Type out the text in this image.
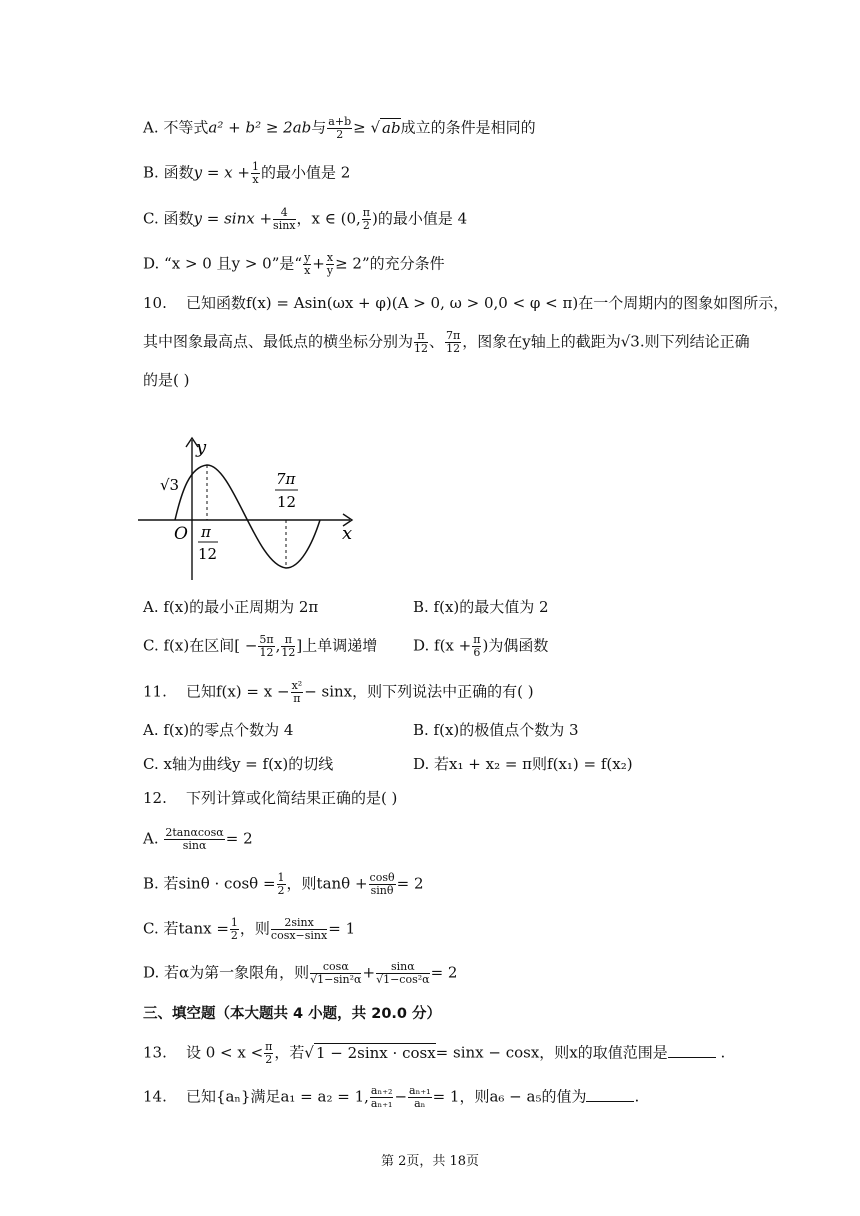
A. 不等式a² + b² ≥ 2ab与 $\frac{a+b}{2}$ ≥ √ ab成立的条件是相同的
B. 函数$y = x + \frac{1}{x}$ 的最小值是 2
C. 函数$y = \sin x + \frac{4}{\sin x}$ ，x ∈ (0, $\frac{\pi}{2}$ )的最小值是 4
D. “x > 0 且y > 0”是“ $\frac{y}{x} + \frac{x}{y} \ge 2$”的充分条件
10. 已知函数f(x) = Asin(ωx + φ)(A > 0, ω > 0,0 < φ < π)在一个周期内的图象如图所示，
其中图象最高点、最低点的横坐标分别为 $\frac{\pi}{12}$ 、 $\frac{7\pi}{12}$ ，图象在y轴上的截距为√3.则下列结论正确
的是( )
y
x
O
√3	7π
12
π
12
A. f(x)的最小正周期为 2π	B. f(x)的最大值为 2
C. f(x)在区间[ − $\frac{5\pi}{12}$ , $\frac{\pi}{12}$ ]上单调递增 D. $f(x + \frac{\pi}{6}$ )为偶函数
11. 已知$f(x) = x - \frac{\text{x²}}{\pi} - \sin x$，则下列说法中正确的有( )
A. f(x)的零点个数为 4	B. f(x)的极值点个数为 3
C. x轴为曲线y = f(x)的切线	D. 若x₁ + x₂ = π则f(x₁) = f(x₂)
12. 下列计算或化简结果正确的是( )
A. $\frac{2\tan\alpha\cos\alpha}{\sin\alpha} = 2$
B. 若$\sin\theta \cdot \cos\theta = \frac{1}{2}$ ，则$\tan\theta + \frac{\cos\theta}{\sin\theta} = 2$
C. 若$\tan x = \frac{1}{2}$ ，则 $\frac{2\sin x}{\cos x-\sin x} = 1$
D. 若α为第一象限角，则 $\frac{\cos\alpha}{\text{√1−sin²α}} + \frac{\sin\alpha}{\text{√1−cos²α}} = 2$
三、填空题（本大题共 4 小题，共 20.0 分）
13. 设 $0 < x < \frac{\pi}{2}$ ，若√ 1 − 2sinx · cosx= sinx − cosx，则x的取值范围是	.
14. 已知{aₙ}满足a₁ = a₂ = 1, $\frac{\text{aₙ₊₂}}{\text{aₙ₊₁}} - \frac{\text{aₙ₊₁}}{\text{aₙ}} = 1$，则a₆ − a₅的值为	.
第 2页，共 18页
